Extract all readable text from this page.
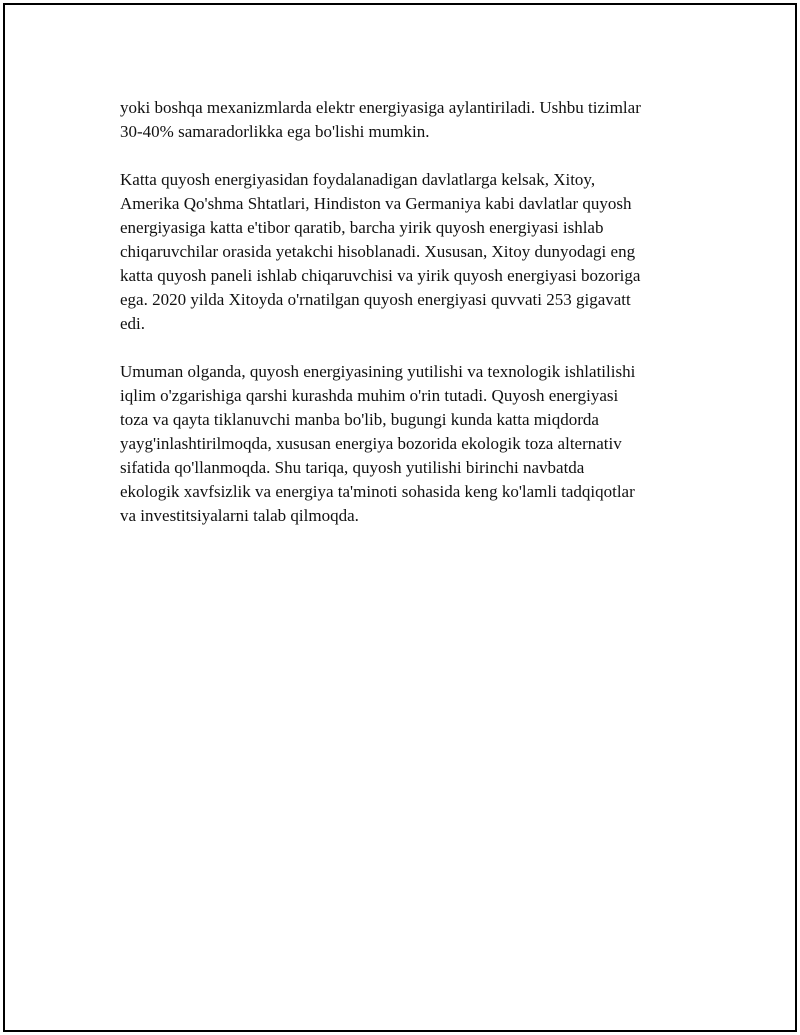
yoki boshqa mexanizmlarda elektr energiyasiga aylantiriladi. Ushbu tizimlar
30-40% samaradorlikka ega bo'lishi mumkin.

Katta quyosh energiyasidan foydalanadigan davlatlarga kelsak, Xitoy,
Amerika Qo'shma Shtatlari, Hindiston va Germaniya kabi davlatlar quyosh
energiyasiga katta e'tibor qaratib, barcha yirik quyosh energiyasi ishlab
chiqaruvchilar orasida yetakchi hisoblanadi. Xususan, Xitoy dunyodagi eng
katta quyosh paneli ishlab chiqaruvchisi va yirik quyosh energiyasi bozoriga
ega. 2020 yilda Xitoyda o'rnatilgan quyosh energiyasi quvvati 253 gigavatt
edi.

Umuman olganda, quyosh energiyasining yutilishi va texnologik ishlatilishi
iqlim o'zgarishiga qarshi kurashda muhim o'rin tutadi. Quyosh energiyasi
toza va qayta tiklanuvchi manba bo'lib, bugungi kunda katta miqdorda
yayg'inlashtirilmoqda, xususan energiya bozorida ekologik toza alternativ
sifatida qo'llanmoqda. Shu tariqa, quyosh yutilishi birinchi navbatda
ekologik xavfsizlik va energiya ta'minoti sohasida keng ko'lamli tadqiqotlar
va investitsiyalarni talab qilmoqda.
